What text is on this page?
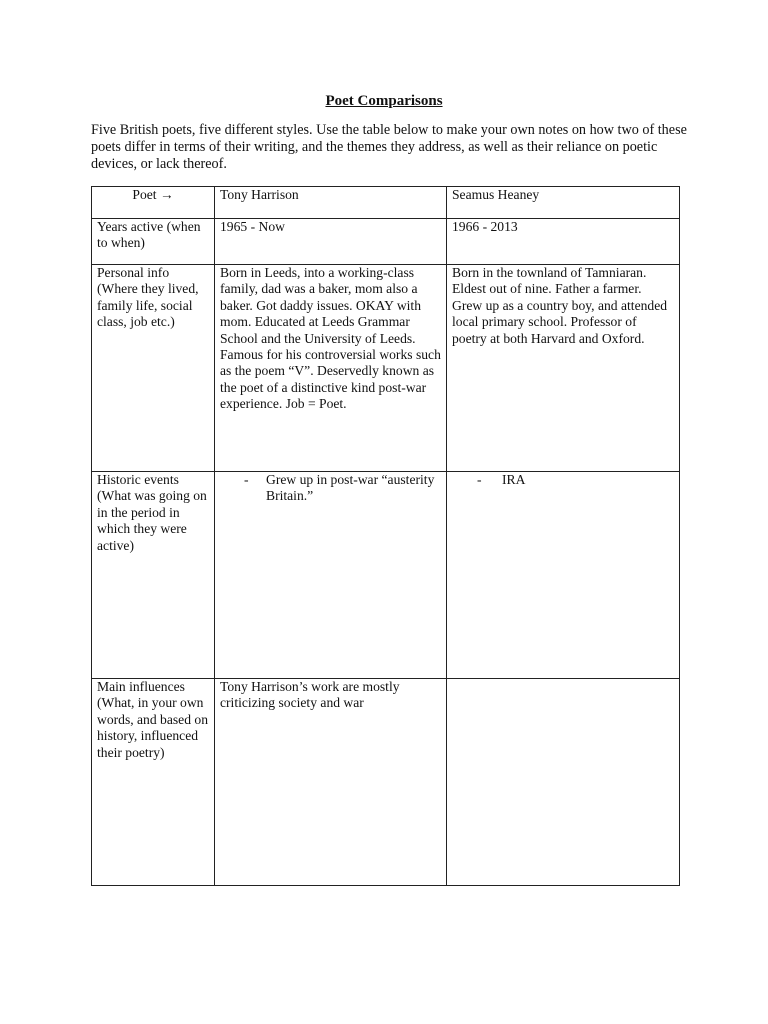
Poet Comparisons
Five British poets, five different styles. Use the table below to make your own notes on how two of these poets differ in terms of their writing, and the themes they address, as well as their reliance on poetic devices, or lack thereof.
Poet →	Tony Harrison	Seamus Heaney
Years active (when to when)	1965 - Now	1966 - 2013
Personal info (Where they lived, family life, social class, job etc.)	Born in Leeds, into a working-class family, dad was a baker, mom also a baker. Got daddy issues. OKAY with mom. Educated at Leeds Grammar School and the University of Leeds. Famous for his controversial works such as the poem “V”. Deservedly known as the poet of a distinctive kind post-war experience. Job = Poet.	Born in the townland of Tamniaran. Eldest out of nine. Father a farmer. Grew up as a country boy, and attended local primary school. Professor of poetry at both Harvard and Oxford.
Historic events (What was going on in the period in which they were active)	- Grew up in post-war “austerity Britain.”	- IRA

Main influences (What, in your own words, and based on history, influenced their poetry)	Tony Harrison’s work are mostly criticizing society and war	
